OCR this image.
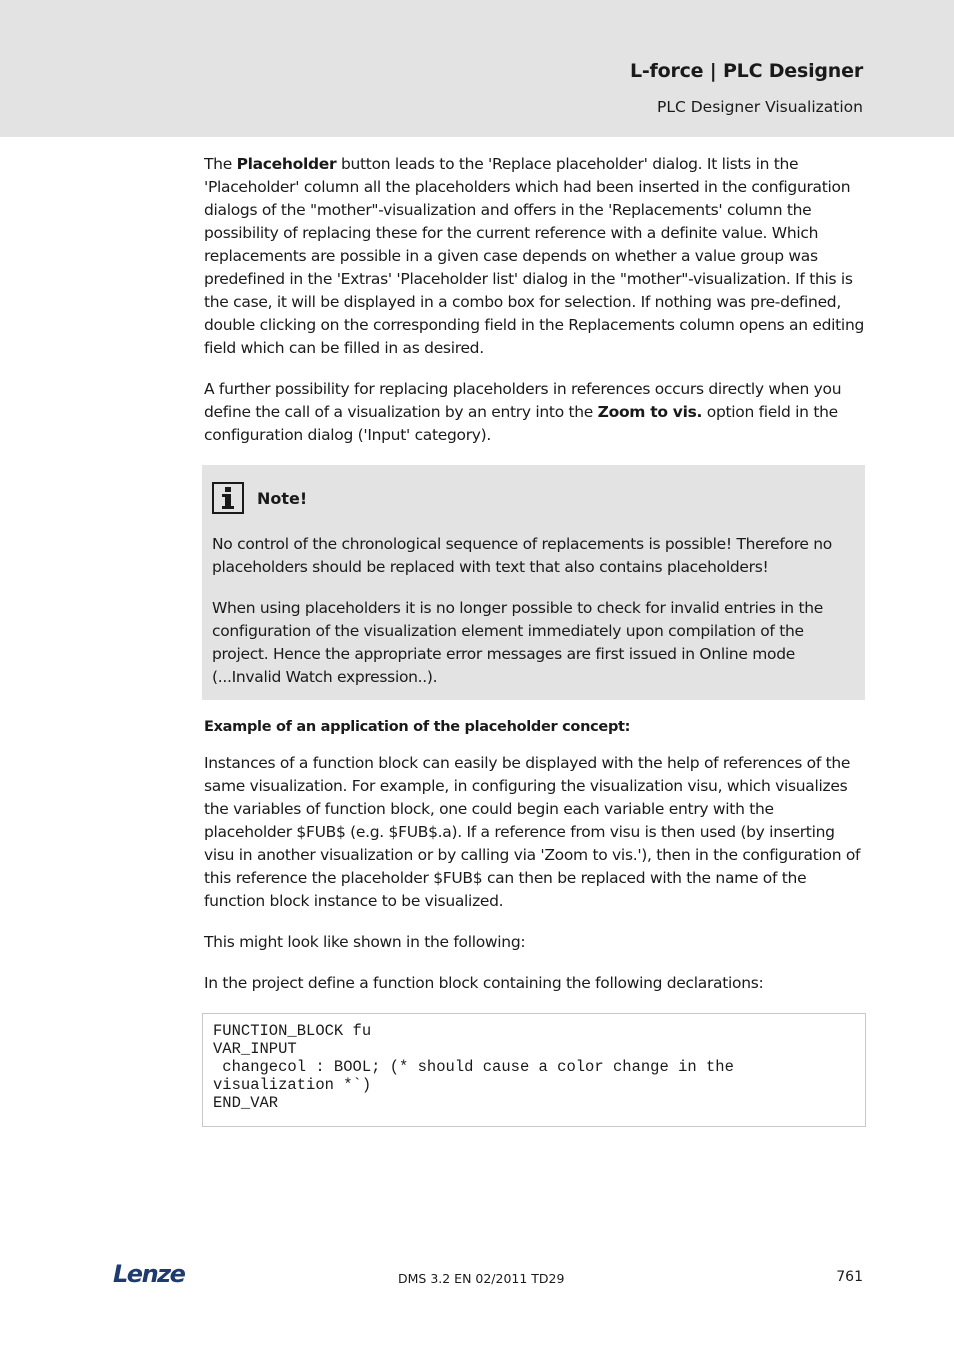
L-force | PLC Designer
PLC Designer Visualization

The Placeholder button leads to the 'Replace placeholder' dialog. It lists in the 'Placeholder' column all the placeholders which had been inserted in the configuration dialogs of the "mother"-visualization and offers in the 'Replacements' column the possibility of replacing these for the current reference with a definite value. Which replacements are possible in a given case depends on whether a value group was predefined in the 'Extras' 'Placeholder list' dialog in the "mother"-visualization. If this is the case, it will be displayed in a combo box for selection. If nothing was pre-defined, double clicking on the corresponding field in the Replacements column opens an editing field which can be filled in as desired.

A further possibility for replacing placeholders in references occurs directly when you define the call of a visualization by an entry into the Zoom to vis. option field in the configuration dialog ('Input' category).

Note!

No control of the chronological sequence of replacements is possible! Therefore no placeholders should be replaced with text that also contains placeholders!

When using placeholders it is no longer possible to check for invalid entries in the configuration of the visualization element immediately upon compilation of the project. Hence the appropriate error messages are first issued in Online mode (...Invalid Watch expression..).

Example of an application of the placeholder concept:

Instances of a function block can easily be displayed with the help of references of the same visualization. For example, in configuring the visualization visu, which visualizes the variables of function block, one could begin each variable entry with the placeholder $FUB$ (e.g. $FUB$.a). If a reference from visu is then used (by inserting visu in another visualization or by calling via 'Zoom to vis.'), then in the configuration of this reference the placeholder $FUB$ can then be replaced with the name of the function block instance to be visualized.

This might look like shown in the following:

In the project define a function block containing the following declarations:

FUNCTION_BLOCK fu
VAR_INPUT
changecol : BOOL; (* should cause a color change in the
visualization *`)
END_VAR
Lenze	DMS 3.2 EN 02/2011 TD29	761
